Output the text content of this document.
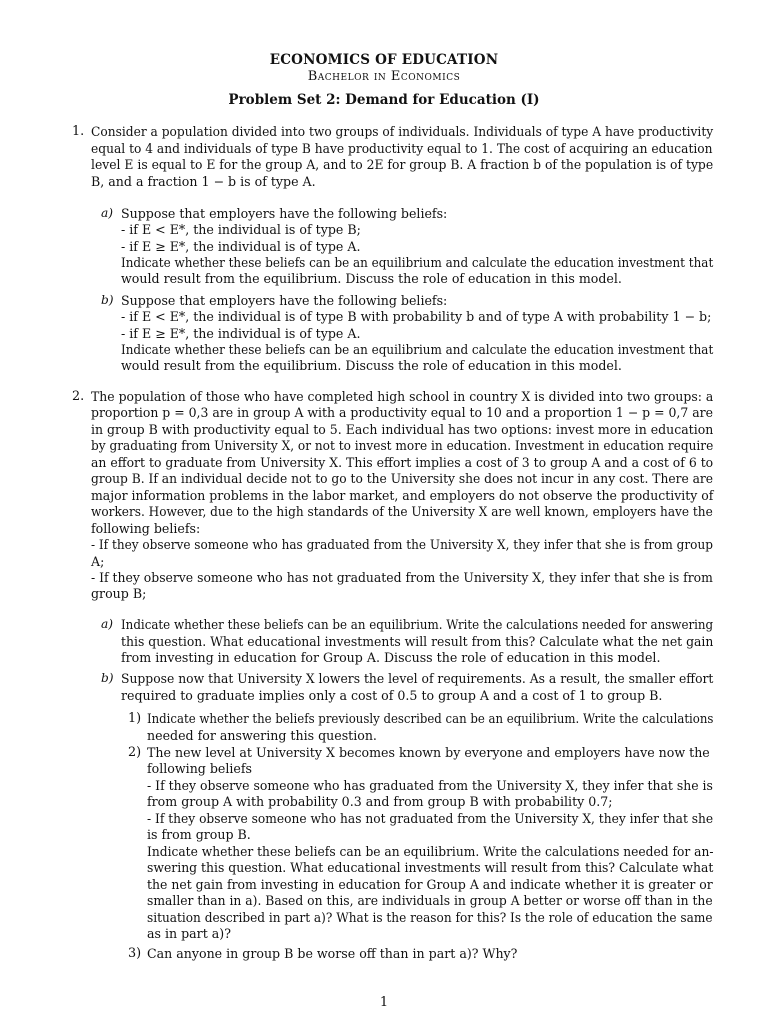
ECONOMICS OF EDUCATION
Bachelor in Economics
Problem Set 2: Demand for Education (I)
1. Consider a population divided into two groups of individuals. Individuals of type A have productivity
equal to 4 and individuals of type B have productivity equal to 1. The cost of acquiring an education
level E is equal to E for the group A, and to 2E for group B. A fraction b of the population is of type
B, and a fraction 1 − b is of type A.
a) Suppose that employers have the following beliefs:
- if E < E*, the individual is of type B;
- if E ≥ E*, the individual is of type A.
Indicate whether these beliefs can be an equilibrium and calculate the education investment that
would result from the equilibrium. Discuss the role of education in this model.
b) Suppose that employers have the following beliefs:
- if E < E*, the individual is of type B with probability b and of type A with probability 1 − b;
- if E ≥ E*, the individual is of type A.
Indicate whether these beliefs can be an equilibrium and calculate the education investment that
would result from the equilibrium. Discuss the role of education in this model.
2. The population of those who have completed high school in country X is divided into two groups: a
proportion p = 0,3 are in group A with a productivity equal to 10 and a proportion 1 − p = 0,7 are
in group B with productivity equal to 5. Each individual has two options: invest more in education
by graduating from University X, or not to invest more in education. Investment in education require
an effort to graduate from University X. This effort implies a cost of 3 to group A and a cost of 6 to
group B. If an individual decide not to go to the University she does not incur in any cost. There are
major information problems in the labor market, and employers do not observe the productivity of
workers. However, due to the high standards of the University X are well known, employers have the
following beliefs:
- If they observe someone who has graduated from the University X, they infer that she is from group
A;
- If they observe someone who has not graduated from the University X, they infer that she is from
group B;
a) Indicate whether these beliefs can be an equilibrium. Write the calculations needed for answering
this question. What educational investments will result from this? Calculate what the net gain
from investing in education for Group A. Discuss the role of education in this model.
b) Suppose now that University X lowers the level of requirements. As a result, the smaller effort
required to graduate implies only a cost of 0.5 to group A and a cost of 1 to group B.
1) Indicate whether the beliefs previously described can be an equilibrium. Write the calculations
needed for answering this question.
2) The new level at University X becomes known by everyone and employers have now the
following beliefs
- If they observe someone who has graduated from the University X, they infer that she is
from group A with probability 0.3 and from group B with probability 0.7;
- If they observe someone who has not graduated from the University X, they infer that she
is from group B.
Indicate whether these beliefs can be an equilibrium. Write the calculations needed for an-
swering this question. What educational investments will result from this? Calculate what
the net gain from investing in education for Group A and indicate whether it is greater or
smaller than in a). Based on this, are individuals in group A better or worse off than in the
situation described in part a)? What is the reason for this? Is the role of education the same
as in part a)?
3) Can anyone in group B be worse off than in part a)? Why?
1
